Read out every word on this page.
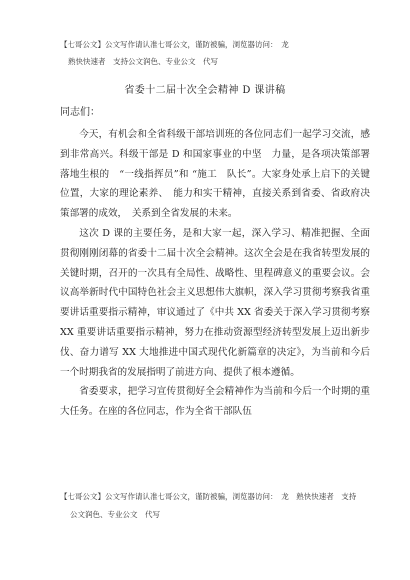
【七哥公文】公文写作请认准七哥公文，谨防被骗，浏览器访问：　龙
熟快快速者　支持公文润色、专业公文　代写
省委十二届十次全会精神 D 课讲稿
同志们：

今天，有机会和全省科级干部培训班的各位同志们一起学习交流，感到非常高兴。科级干部是 D 和国家事业的中坚　力量，是各项决策部署落地生根的　“一线指挥员”和 “施工　队长”。大家身处承上启下的关键位置，大家的理论素养、　能力和实干精神，直接关系到省委、省政府决策部署的成效，　关系到全省发展的未来。

这次 D 课的主要任务，是和大家一起，深入学习、精准把握、全面贯彻刚刚闭幕的省委十二届十次全会精神。这次全会是在我省转型发展的关键时期，召开的一次具有全局性、战略性、里程碑意义的重要会议。会议高举新时代中国特色社会主义思想伟大旗帜，深入学习贯彻考察我省重要讲话重要指示精神，审议通过了《中共 XX 省委关于深入学习贯彻考察 XX 重要讲话重要指示精神，努力在推动资源型经济转型发展上迈出新步伐、奋力谱写 XX 大地推进中国式现代化新篇章的决定》，为当前和今后一个时期我省的发展指明了前进方向、提供了根本遵循。

省委要求，把学习宣传贯彻好全会精神作为当前和今后一个时期的重大任务。在座的各位同志，作为全省干部队伍

【七哥公文】公文写作请认准七哥公文，谨防被骗，浏览器访问：　龙　熟快快速者　支持
公文润色、专业公文　代写
